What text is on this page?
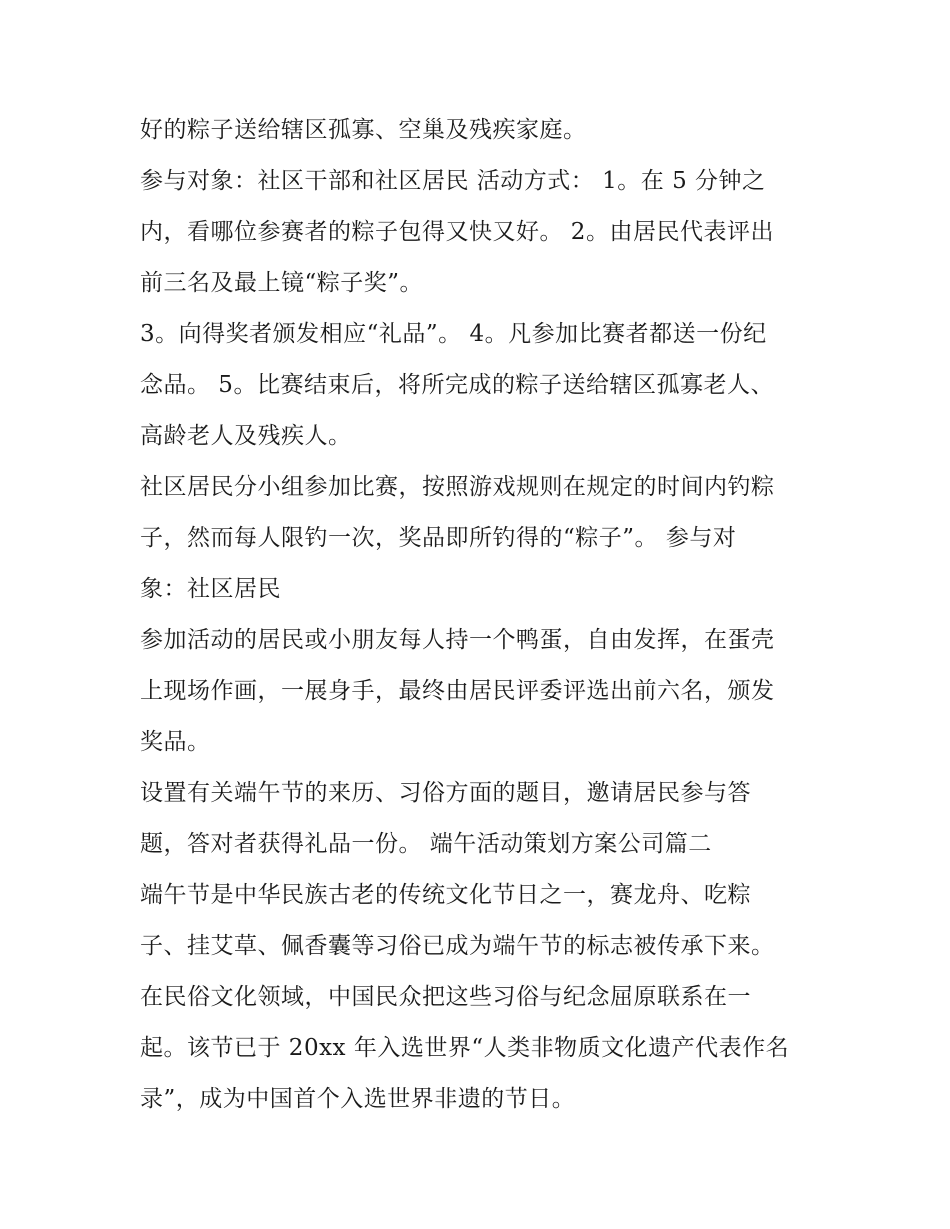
好的粽子送给辖区孤寡、空巢及残疾家庭。
参与对象：社区干部和社区居民 活动方式： 1。在 5 分钟之
内，看哪位参赛者的粽子包得又快又好。 2。由居民代表评出
前三名及最上镜“粽子奖”。
3。向得奖者颁发相应“礼品”。 4。凡参加比赛者都送一份纪
念品。 5。比赛结束后，将所完成的粽子送给辖区孤寡老人、
高龄老人及残疾人。
社区居民分小组参加比赛，按照游戏规则在规定的时间内钓粽
子，然而每人限钓一次，奖品即所钓得的“粽子”。 参与对
象：社区居民
参加活动的居民或小朋友每人持一个鸭蛋，自由发挥，在蛋壳
上现场作画，一展身手，最终由居民评委评选出前六名，颁发
奖品。
设置有关端午节的来历、习俗方面的题目，邀请居民参与答
题，答对者获得礼品一份。 端午活动策划方案公司篇二
端午节是中华民族古老的传统文化节日之一，赛龙舟、吃粽
子、挂艾草、佩香囊等习俗已成为端午节的标志被传承下来。
在民俗文化领域，中国民众把这些习俗与纪念屈原联系在一
起。该节已于 20xx 年入选世界“人类非物质文化遗产代表作名
录”，成为中国首个入选世界非遗的节日。
